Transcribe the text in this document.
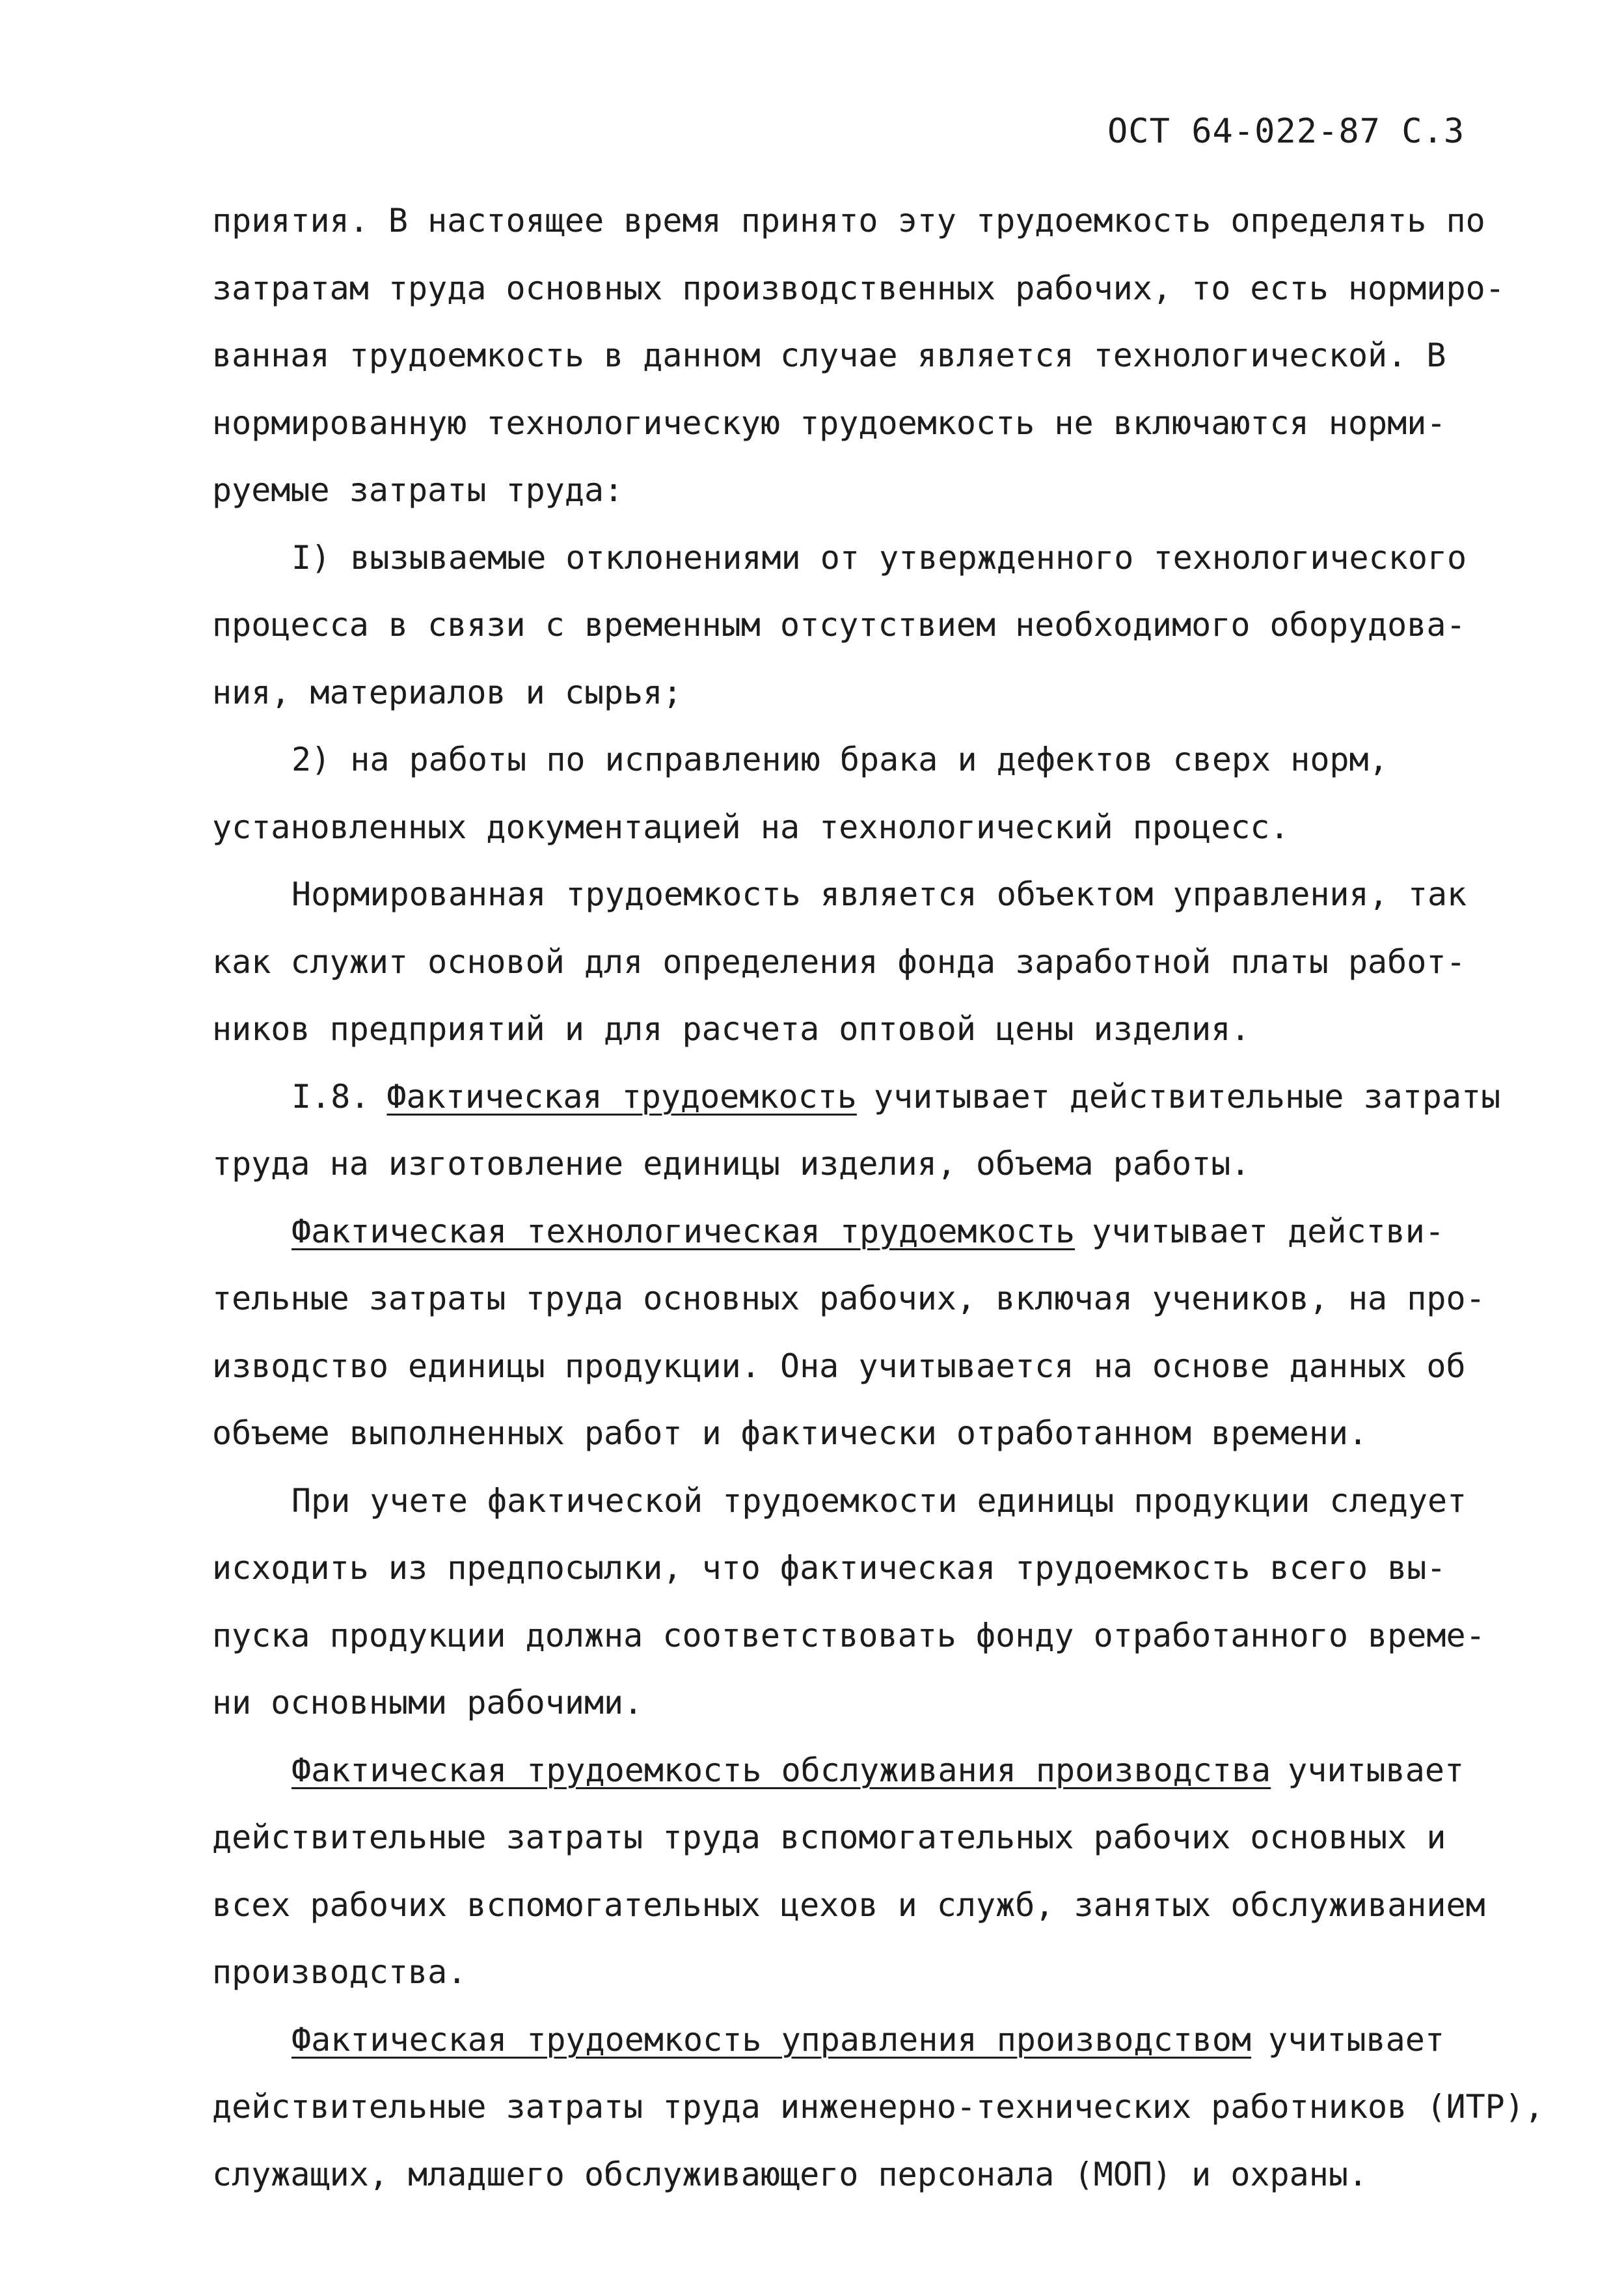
ОСТ 64-022-87 С.3
приятия. В настоящее время принято эту трудоемкость определять по
затратам труда основных производственных рабочих, то есть нормиро-
ванная трудоемкость в данном случае является технологической. В
нормированную технологическую трудоемкость не включаются норми-
руемые затраты труда:
I) вызываемые отклонениями от утвержденного технологического
процесса в связи с временным отсутствием необходимого оборудова-
ния, материалов и сырья;
2) на работы по исправлению брака и дефектов сверх норм,
установленных документацией на технологический процесс.
Нормированная трудоемкость является объектом управления, так
как служит основой для определения фонда заработной платы работ-
ников предприятий и для расчета оптовой цены изделия.
I.8. Фактическая трудоемкость учитывает действительные затраты
труда на изготовление единицы изделия, объема работы.
Фактическая технологическая трудоемкость учитывает действи-
тельные затраты труда основных рабочих, включая учеников, на про-
изводство единицы продукции. Она учитывается на основе данных об
объеме выполненных работ и фактически отработанном времени.
При учете фактической трудоемкости единицы продукции следует
исходить из предпосылки, что фактическая трудоемкость всего вы-
пуска продукции должна соответствовать фонду отработанного време-
ни основными рабочими.
Фактическая трудоемкость обслуживания производства учитывает
действительные затраты труда вспомогательных рабочих основных и
всех рабочих вспомогательных цехов и служб, занятых обслуживанием
производства.
Фактическая трудоемкость управления производством учитывает
действительные затраты труда инженерно-технических работников (ИТР),
служащих, младшего обслуживающего персонала (МОП) и охраны.
